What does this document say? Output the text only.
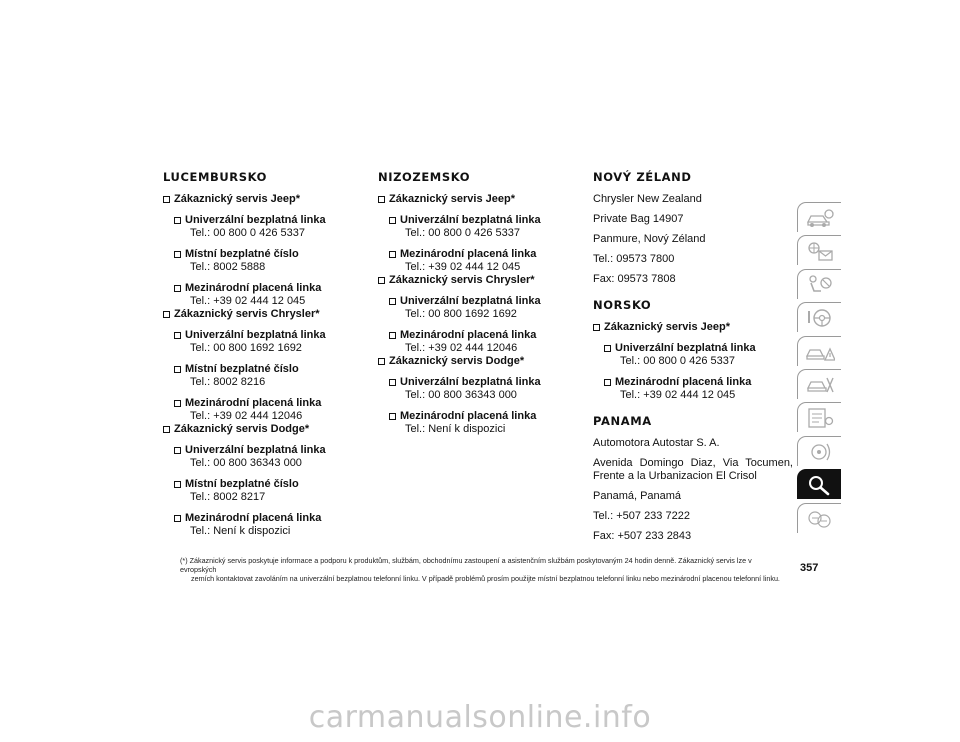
LUCEMBURSKO
Zákaznický servis Jeep*
Univerzální bezplatná linka
Tel.: 00 800 0 426 5337
Místní bezplatné číslo
Tel.: 8002 5888
Mezinárodní placená linka
Tel.: +39 02 444 12 045
Zákaznický servis Chrysler*
Univerzální bezplatná linka
Tel.: 00 800 1692 1692
Místní bezplatné číslo
Tel.: 8002 8216
Mezinárodní placená linka
Tel.: +39 02 444 12046
Zákaznický servis Dodge*
Univerzální bezplatná linka
Tel.: 00 800 36343 000
Místní bezplatné číslo
Tel.: 8002 8217
Mezinárodní placená linka
Tel.: Není k dispozici
NIZOZEMSKO
Zákaznický servis Jeep*
Univerzální bezplatná linka
Tel.: 00 800 0 426 5337
Mezinárodní placená linka
Tel.: +39 02 444 12 045
Zákaznický servis Chrysler*
Univerzální bezplatná linka
Tel.: 00 800 1692 1692
Mezinárodní placená linka
Tel.: +39 02 444 12046
Zákaznický servis Dodge*
Univerzální bezplatná linka
Tel.: 00 800 36343 000
Mezinárodní placená linka
Tel.: Není k dispozici
NOVÝ ZÉLAND

Chrysler New Zealand

Private Bag 14907

Panmure, Nový Zéland

Tel.: 09573 7800

Fax: 09573 7808

NORSKO
Zákaznický servis Jeep*
Univerzální bezplatná linka
Tel.: 00 800 0 426 5337
Mezinárodní placená linka
Tel.: +39 02 444 12 045
PANAMA

Automotora Autostar S. A.

Avenida Domingo Diaz, Via Tocumen, Frente a la Urbanizacion El Crisol

Panamá, Panamá

Tel.: +507 233 7222

Fax: +507 233 2843

(*) Zákaznický servis poskytuje informace a podporu k produktům, službám, obchodnímu zastoupení a asistenčním službám poskytovaným 24 hodin denně. Zákaznický servis lze v evropských
zemích kontaktovat zavoláním na univerzální bezplatnou telefonní linku. V případě problémů prosím použijte místní bezplatnou telefonní linku nebo mezinárodní placenou telefonní linku.
357
carmanualsonline.info
